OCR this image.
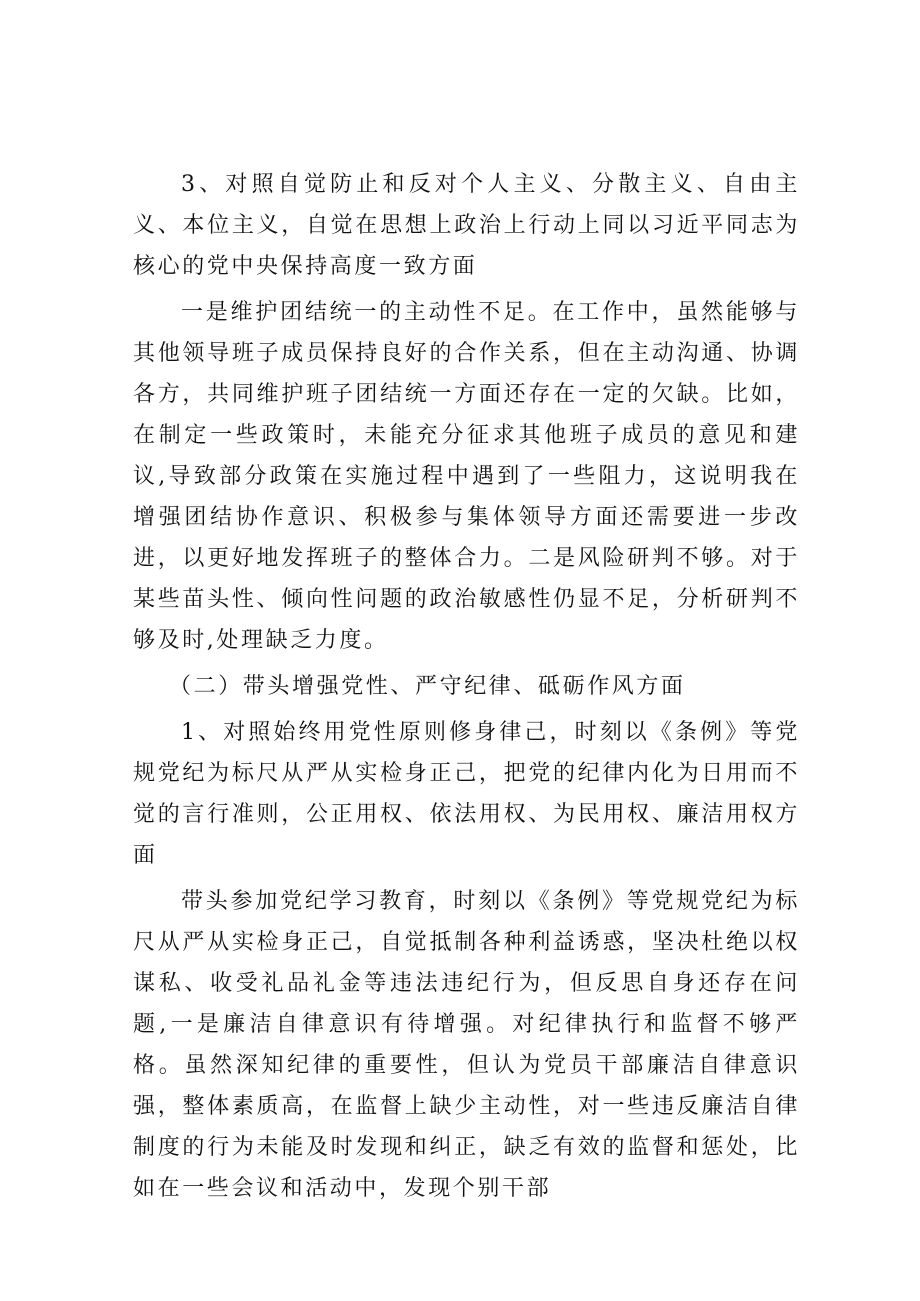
3、对照自觉防止和反对个人主义、分散主义、自由主义、本位主义，自觉在思想上政治上行动上同以习近平同志为核心的党中央保持高度一致方面

一是维护团结统一的主动性不足。在工作中，虽然能够与其他领导班子成员保持良好的合作关系，但在主动沟通、协调各方，共同维护班子团结统一方面还存在一定的欠缺。比如，在制定一些政策时，未能充分征求其他班子成员的意见和建议,导致部分政策在实施过程中遇到了一些阻力，这说明我在增强团结协作意识、积极参与集体领导方面还需要进一步改进，以更好地发挥班子的整体合力。二是风险研判不够。对于某些苗头性、倾向性问题的政治敏感性仍显不足，分析研判不够及时,处理缺乏力度。

（二）带头增强党性、严守纪律、砥砺作风方面

1、对照始终用党性原则修身律己，时刻以《条例》等党规党纪为标尺从严从实检身正己，把党的纪律内化为日用而不觉的言行准则，公正用权、依法用权、为民用权、廉洁用权方面

带头参加党纪学习教育，时刻以《条例》等党规党纪为标尺从严从实检身正己，自觉抵制各种利益诱惑，坚决杜绝以权谋私、收受礼品礼金等违法违纪行为，但反思自身还存在问题,一是廉洁自律意识有待增强。对纪律执行和监督不够严格。虽然深知纪律的重要性，但认为党员干部廉洁自律意识强，整体素质高，在监督上缺少主动性，对一些违反廉洁自律制度的行为未能及时发现和纠正，缺乏有效的监督和惩处，比如在一些会议和活动中，发现个别干部
